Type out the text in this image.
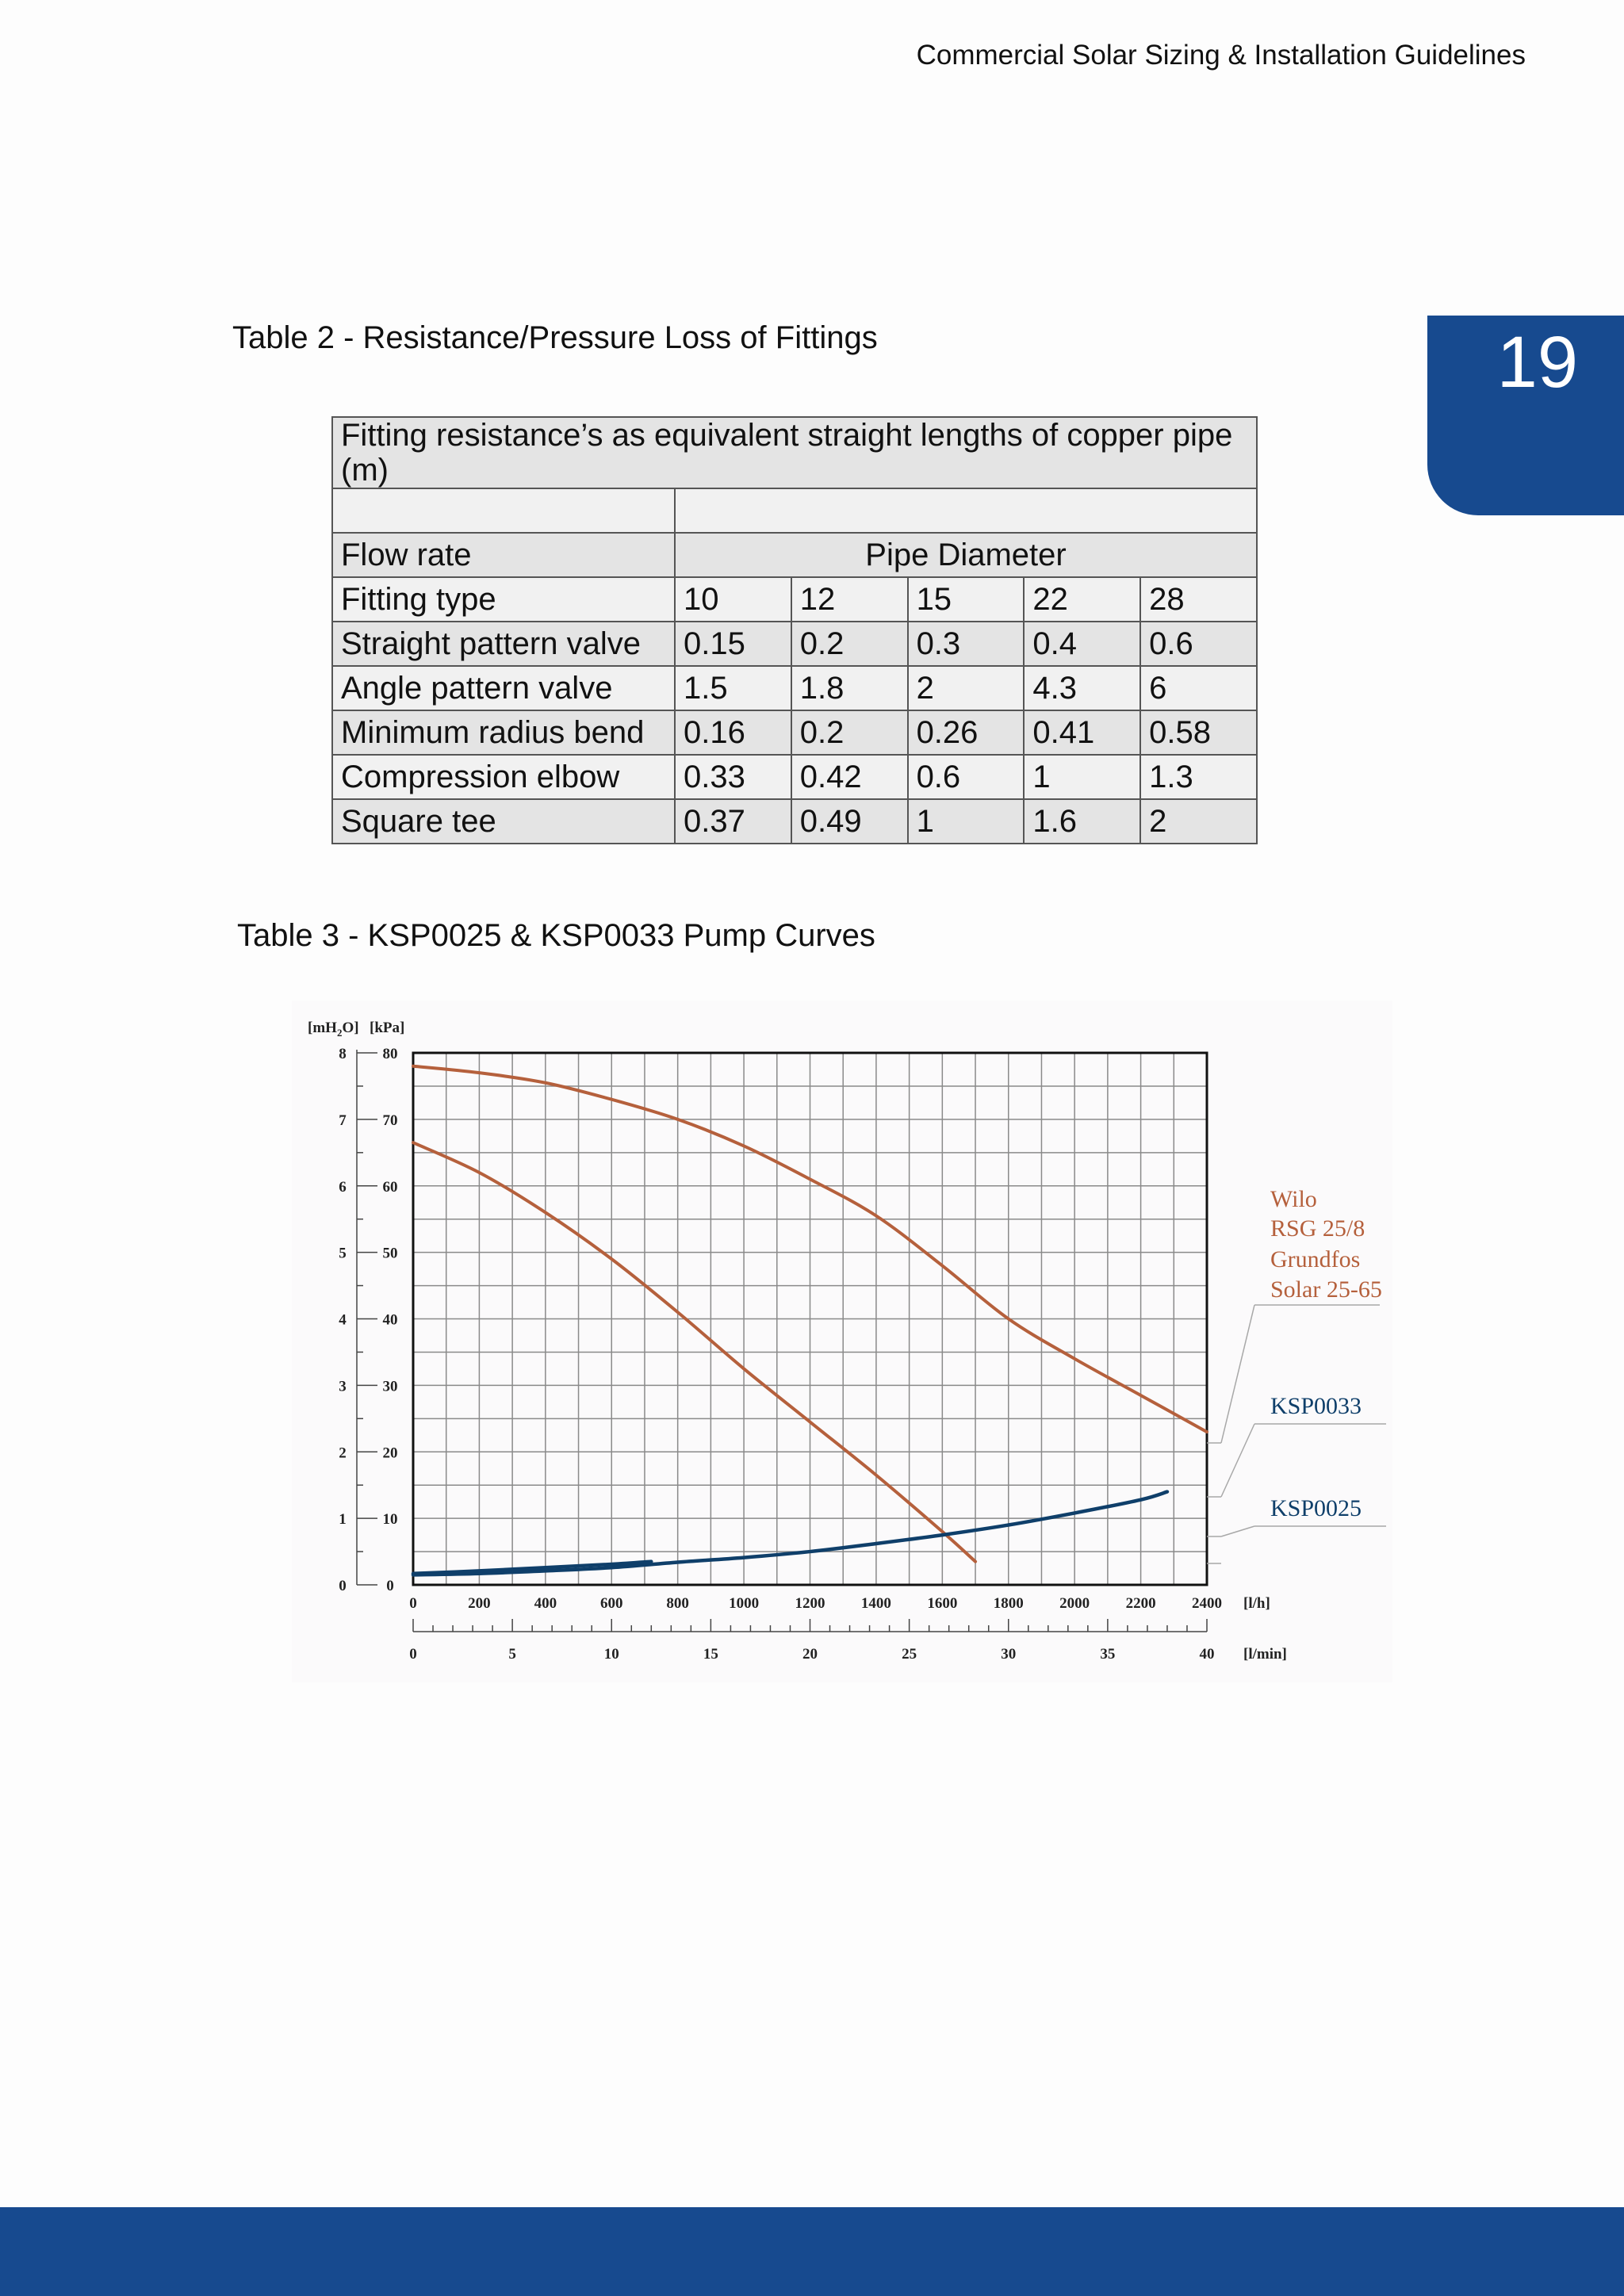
Commercial Solar Sizing & Installation Guidelines
19
Table 2 - Resistance/Pressure Loss of Fittings
Fitting resistance’s as equivalent straight lengths of copper pipe (m)					

Flow rate	Pipe Diameter				
Fitting type	10	12	15	22	28
Straight pattern valve	0.15	0.2	0.3	0.4	0.6
Angle pattern valve	1.5	1.8	2	4.3	6
Minimum radius bend	0.16	0.2	0.26	0.41	0.58
Compression elbow	0.33	0.42	0.6	1	1.3
Square tee	0.37	0.49	1	1.6	2
Table 3 - KSP0025 & KSP0033 Pump Curves
0
10
20
30
40
50
60
70
80
0
1
2
3
4
5
6
7
8
$[mH_2O]$ [kPa]
0	200	400	600	800	1000 1200 1400 1600 1800 2000 2200 2400 [l/h]
0	5	10	15	20	25	30	35	40 [l/min]
Wilo
RSG 25/8
Grundfos
Solar 25-65
KSP0033
KSP0025
